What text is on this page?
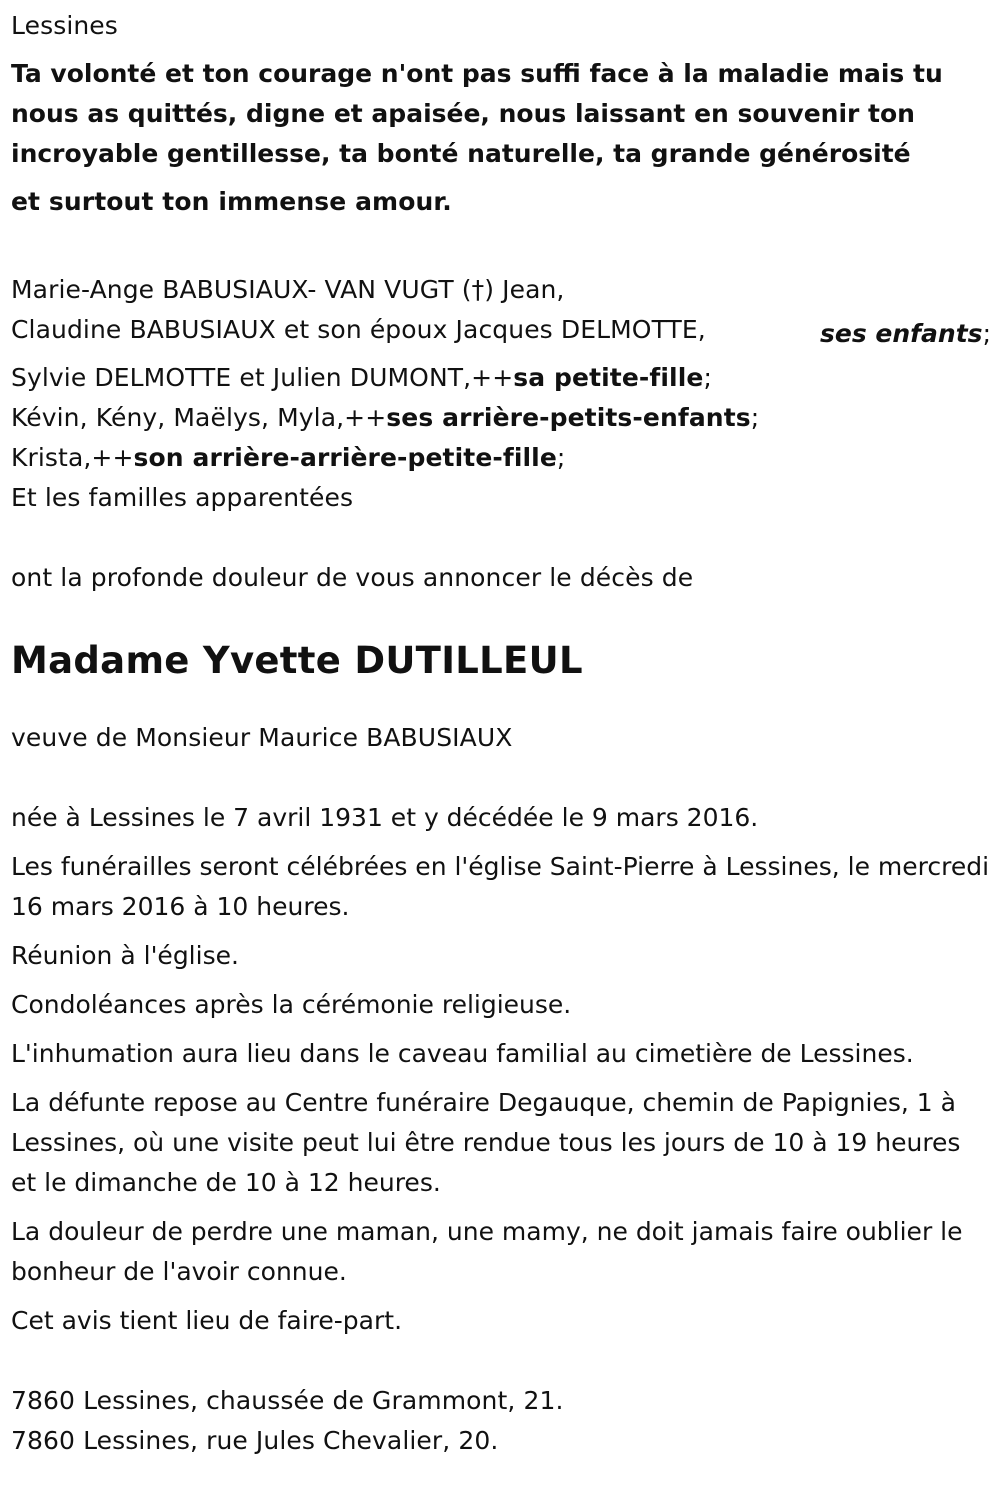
Lessines
Ta volonté et ton courage n'ont pas suffi face à la maladie mais tu
nous as quittés, digne et apaisée, nous laissant en souvenir ton
incroyable gentillesse, ta bonté naturelle, ta grande générosité
et surtout ton immense amour.
Marie-Ange BABUSIAUX- VAN VUGT (†) Jean,
Claudine BABUSIAUX et son époux Jacques DELMOTTE,	ses enfants;
Sylvie DELMOTTE et Julien DUMONT,++sa petite-fille;
Kévin, Kény, Maëlys, Myla,++ses arrière-petits-enfants;
Krista,++son arrière-arrière-petite-fille;
Et les familles apparentées
ont la profonde douleur de vous annoncer le décès de
Madame Yvette DUTILLEUL
veuve de Monsieur Maurice BABUSIAUX
née à Lessines le 7 avril 1931 et y décédée le 9 mars 2016.
Les funérailles seront célébrées en l'église Saint-Pierre à Lessines, le mercredi 16 mars 2016 à 10 heures.
Réunion à l'église.
Condoléances après la cérémonie religieuse.
L'inhumation aura lieu dans le caveau familial au cimetière de Lessines.
La défunte repose au Centre funéraire Degauque, chemin de Papignies, 1 à Lessines, où une visite peut lui être rendue tous les jours de 10 à 19 heures et le dimanche de 10 à 12 heures.
La douleur de perdre une maman, une mamy, ne doit jamais faire oublier le bonheur de l'avoir connue.
Cet avis tient lieu de faire-part.
7860 Lessines, chaussée de Grammont, 21.
7860 Lessines, rue Jules Chevalier, 20.
